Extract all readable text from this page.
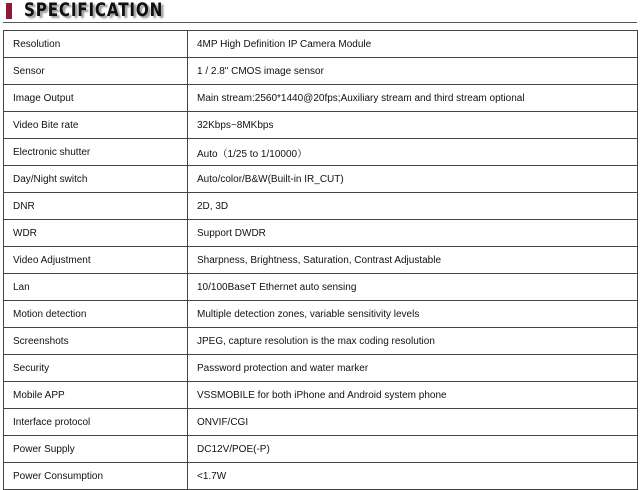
SPECIFICATION
Resolution	4MP High Definition IP Camera Module
Sensor	1 / 2.8" CMOS image sensor
Image Output	Main stream:2560*1440@20fps;Auxiliary stream and third stream optional
Video Bite rate	32Kbps~8MKbps
Electronic shutter	Auto（1/25 to 1/10000）
Day/Night switch	Auto/color/B&W(Built-in IR_CUT)
DNR	2D, 3D
WDR	Support DWDR
Video Adjustment	Sharpness, Brightness, Saturation, Contrast Adjustable
Lan	10/100BaseT Ethernet auto sensing
Motion detection	Multiple detection zones, variable sensitivity levels
Screenshots	JPEG, capture resolution is the max coding resolution
Security	Password protection and water marker
Mobile APP	VSSMOBILE for both iPhone and Android system phone
Interface protocol	ONVIF/CGI
Power Supply	DC12V/POE(-P)
Power Consumption	<1.7W
